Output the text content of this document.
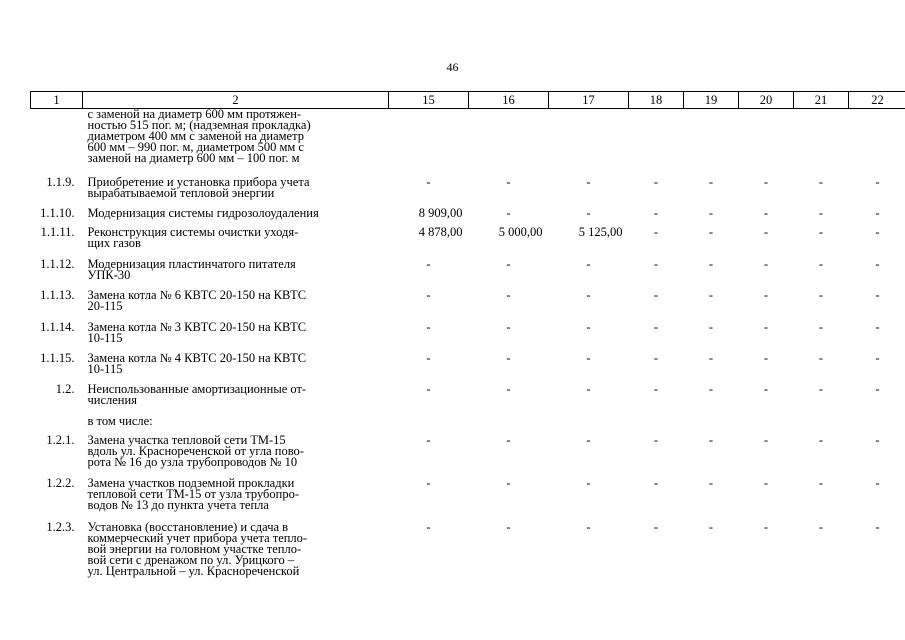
46
1	2	15	16	17	18	19	20	21	22
	с заменой на диаметр 600 мм протяжен-
ностью 515 пог. м; (надземная прокладка)
диаметром 400 мм с заменой на диаметр
600 мм – 990 пог. м, диаметром 500 мм с
заменой на диаметр 600 мм – 100 пог. м								
1.1.9.	Приобретение и установка прибора учета
вырабатываемой тепловой энергии	-	-	-	-	-	-	-	-
1.1.10.	Модернизация системы гидрозолоудаления	8 909,00	-	-	-	-	-	-	-
1.1.11.	Реконструкция системы очистки уходя-
щих газов	4 878,00	5 000,00	5 125,00	-	-	-	-	-
1.1.12.	Модернизация пластинчатого питателя
УПК-30	-	-	-	-	-	-	-	-
1.1.13.	Замена котла № 6 КВТС 20-150 на КВТС
20-115	-	-	-	-	-	-	-	-
1.1.14.	Замена котла № 3 КВТС 20-150 на КВТС
10-115	-	-	-	-	-	-	-	-
1.1.15.	Замена котла № 4 КВТС 20-150 на КВТС
10-115	-	-	-	-	-	-	-	-
1.2.	Неиспользованные амортизационные от-
числения	-	-	-	-	-	-	-	-
	в том числе:								
1.2.1.	Замена участка тепловой сети ТМ-15
вдоль ул. Краснореченской от угла пово-
рота № 16 до узла трубопроводов № 10	-	-	-	-	-	-	-	-
1.2.2.	Замена участков подземной прокладки
тепловой сети ТМ-15 от узла трубопро-
водов № 13 до пункта учета тепла	-	-	-	-	-	-	-	-
1.2.3.	Установка (восстановление) и сдача в
коммерческий учет прибора учета тепло-
вой энергии на головном участке тепло-
вой сети с дренажом по ул. Урицкого –
ул. Центральной – ул. Краснореченской	-	-	-	-	-	-	-	-
